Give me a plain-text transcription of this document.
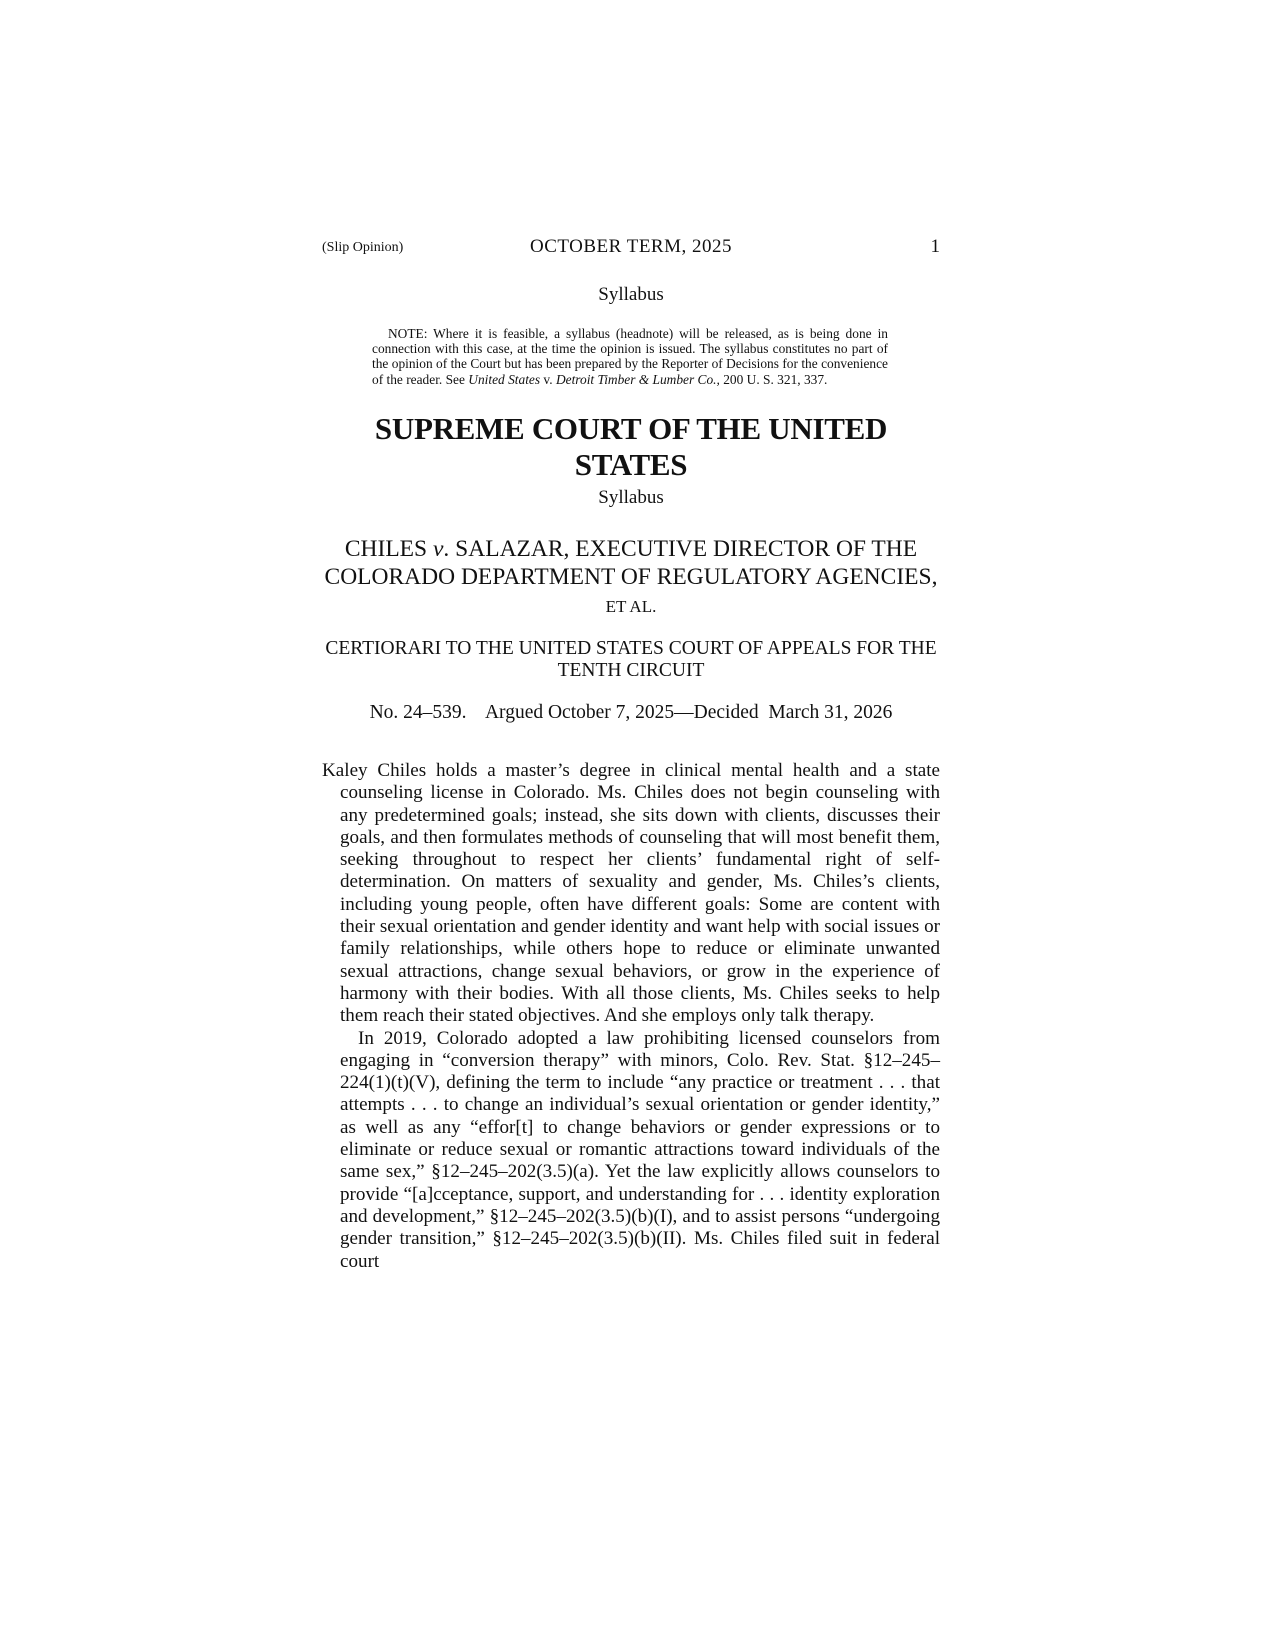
(Slip Opinion)	OCTOBER TERM, 2025	1
Syllabus
NOTE: Where it is feasible, a syllabus (headnote) will be released, as is being done in connection with this case, at the time the opinion is issued. The syllabus constitutes no part of the opinion of the Court but has been prepared by the Reporter of Decisions for the convenience of the reader. See United States v. Detroit Timber & Lumber Co., 200 U. S. 321, 337.
SUPREME COURT OF THE UNITED STATES
Syllabus
CHILES v. SALAZAR, EXECUTIVE DIRECTOR OF THE COLORADO DEPARTMENT OF REGULATORY AGENCIES, ET AL.
CERTIORARI TO THE UNITED STATES COURT OF APPEALS FOR THE TENTH CIRCUIT
No. 24–539.    Argued October 7, 2025—Decided  March 31, 2026

Kaley Chiles holds a master’s degree in clinical mental health and a state counseling license in Colorado. Ms. Chiles does not begin counseling with any predetermined goals; instead, she sits down with clients, discusses their goals, and then formulates methods of counseling that will most benefit them, seeking throughout to respect her clients’ fundamental right of self-determination. On matters of sexuality and gender, Ms. Chiles’s clients, including young people, often have different goals: Some are content with their sexual orientation and gender identity and want help with social issues or family relationships, while others hope to reduce or eliminate unwanted sexual attractions, change sexual behaviors, or grow in the experience of harmony with their bodies. With all those clients, Ms. Chiles seeks to help them reach their stated objectives. And she employs only talk therapy.

In 2019, Colorado adopted a law prohibiting licensed counselors from engaging in “conversion therapy” with minors, Colo. Rev. Stat. §12–245–224(1)(t)(V), defining the term to include “any practice or treatment . . . that attempts . . . to change an individual’s sexual orientation or gender identity,” as well as any “effor[t] to change behaviors or gender expressions or to eliminate or reduce sexual or romantic attractions toward individuals of the same sex,” §12–245–202(3.5)(a). Yet the law explicitly allows counselors to provide “[a]cceptance, support, and understanding for . . . identity exploration and development,” §12–245–202(3.5)(b)(I), and to assist persons “undergoing gender transition,” §12–245–202(3.5)(b)(II). Ms. Chiles filed suit in federal court
